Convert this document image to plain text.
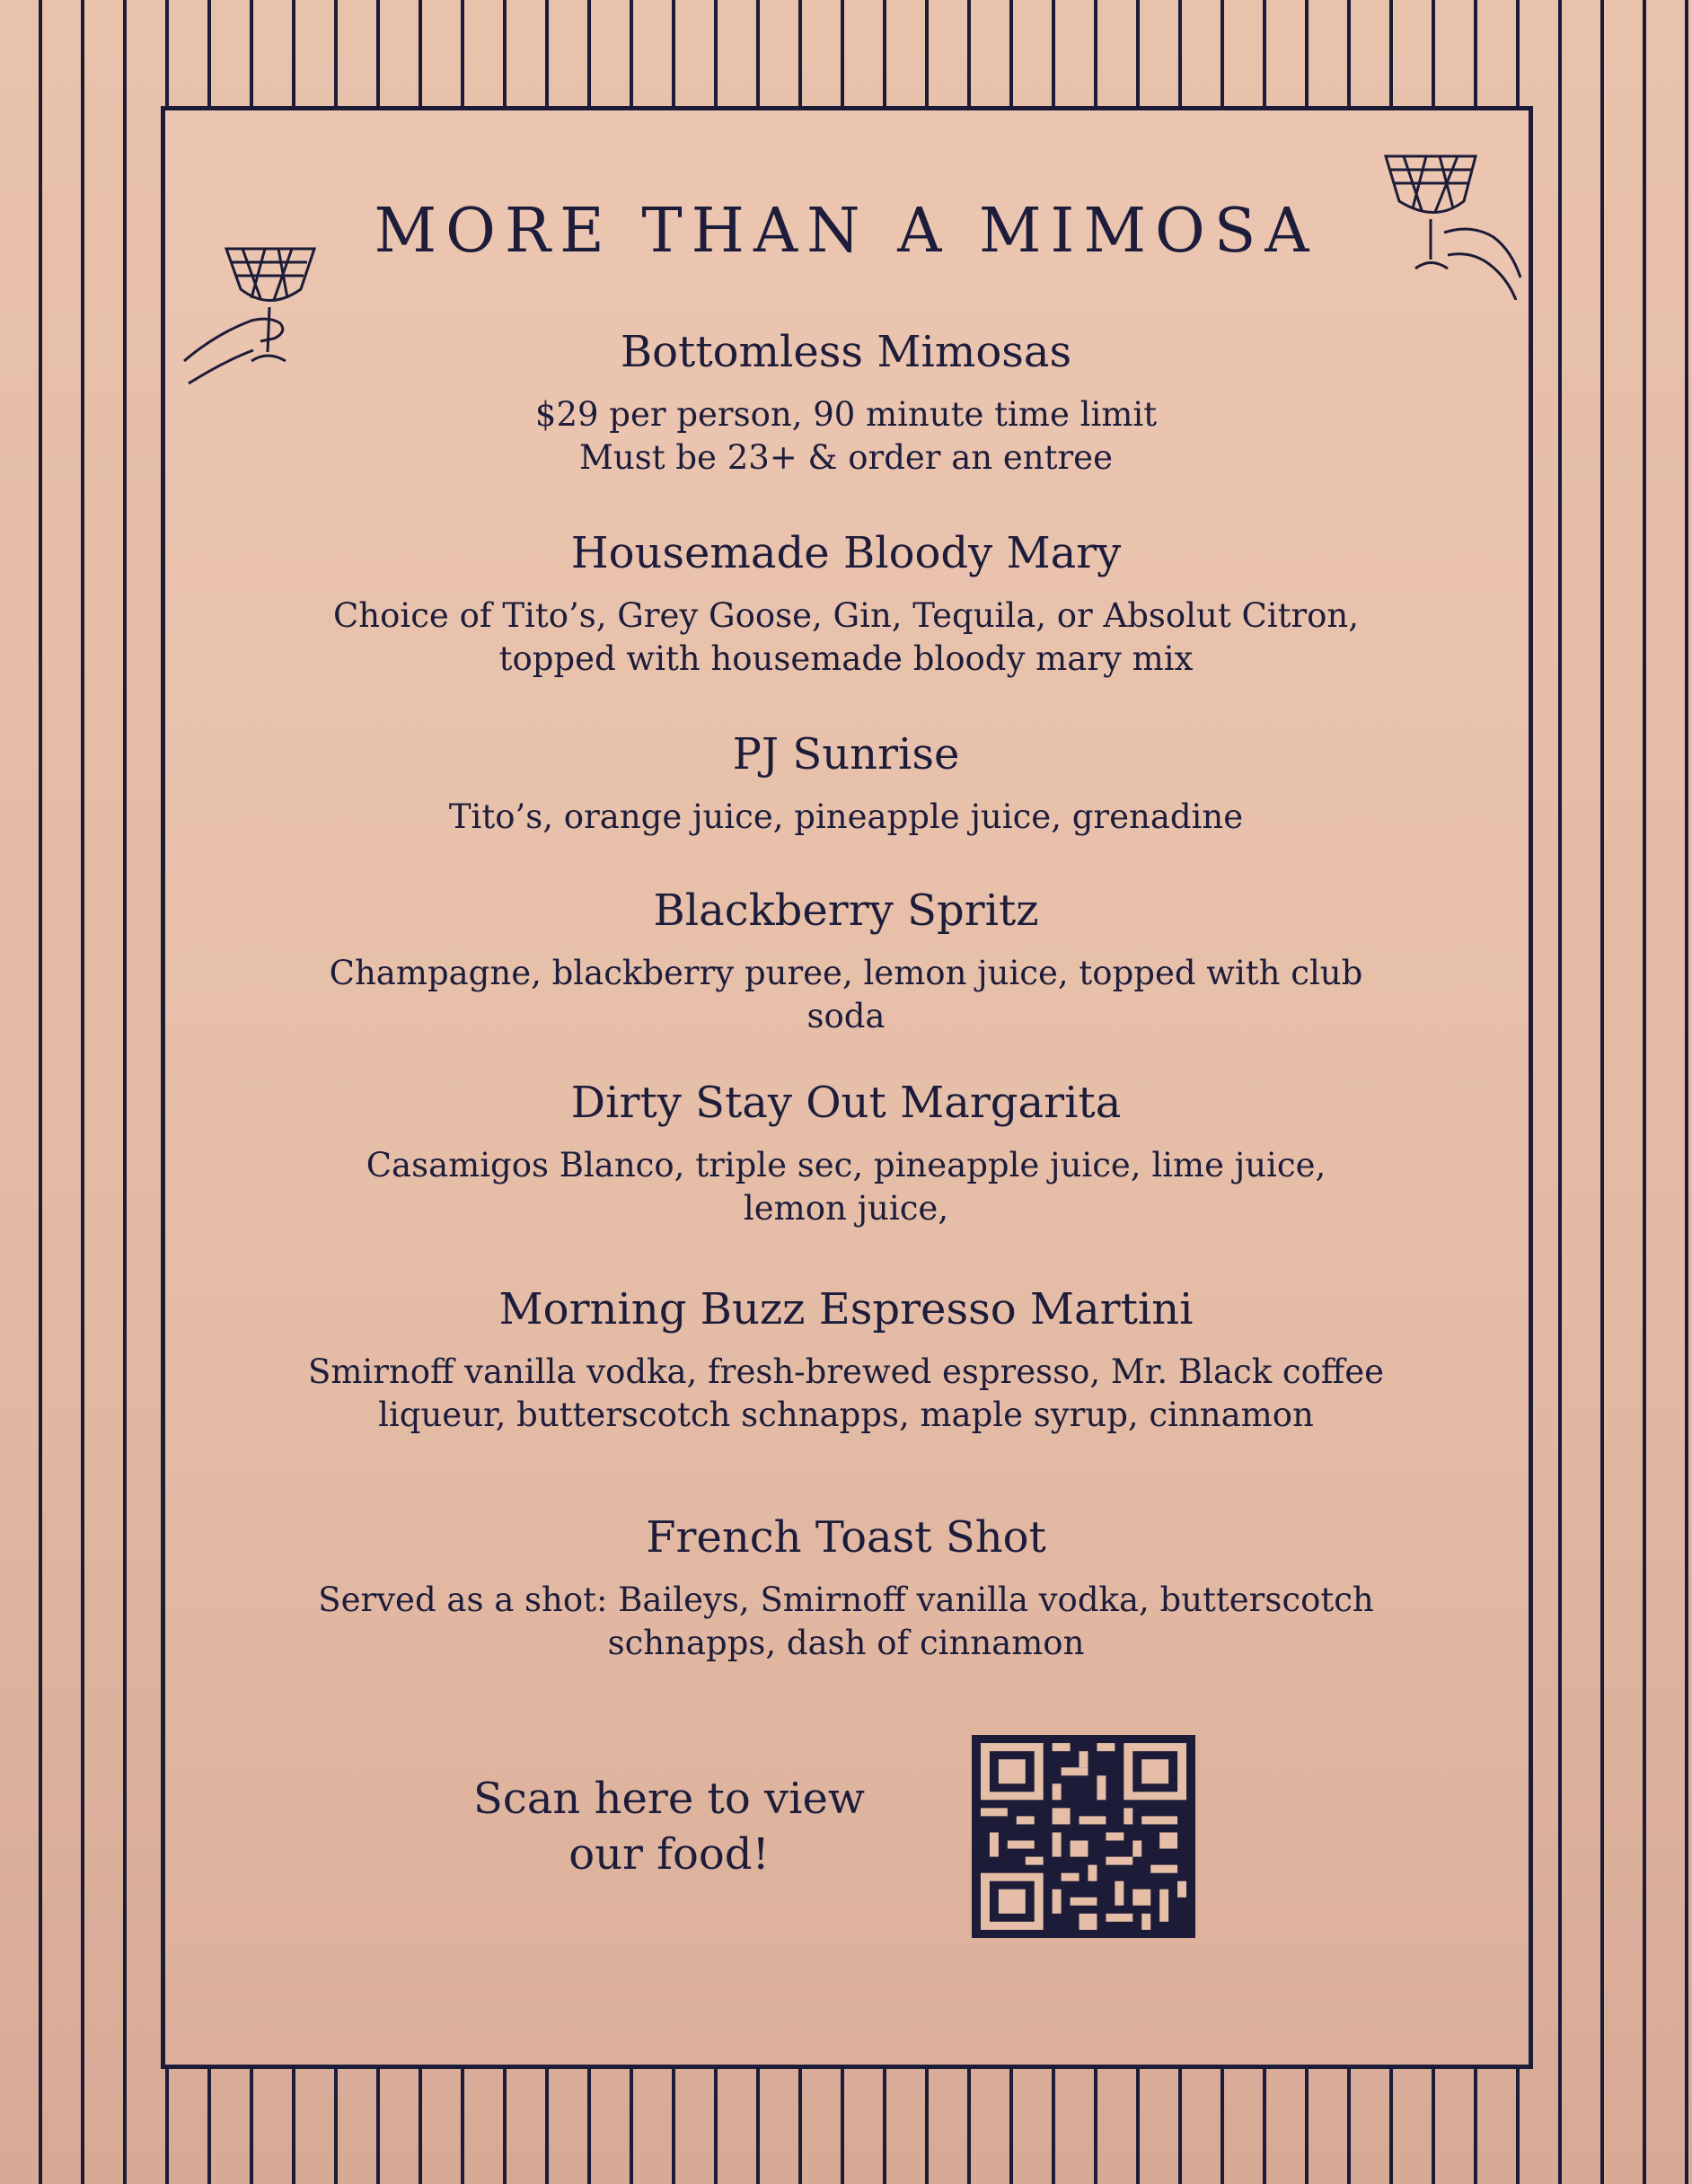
MORE THAN A MIMOSA
Bottomless Mimosas

$29 per person, 90 minute time limit
Must be 23+ & order an entree

Housemade Bloody Mary

Choice of Tito’s, Grey Goose, Gin, Tequila, or Absolut Citron,
topped with housemade bloody mary mix

PJ Sunrise

Tito’s, orange juice, pineapple juice, grenadine

Blackberry Spritz

Champagne, blackberry puree, lemon juice, topped with club
soda

Dirty Stay Out Margarita

Casamigos Blanco, triple sec, pineapple juice, lime juice,
lemon juice,

Morning Buzz Espresso Martini

Smirnoff vanilla vodka, fresh-brewed espresso, Mr. Black coffee
liqueur, butterscotch schnapps, maple syrup, cinnamon

French Toast Shot

Served as a shot: Baileys, Smirnoff vanilla vodka, butterscotch
schnapps, dash of cinnamon

Scan here to view
our food!
